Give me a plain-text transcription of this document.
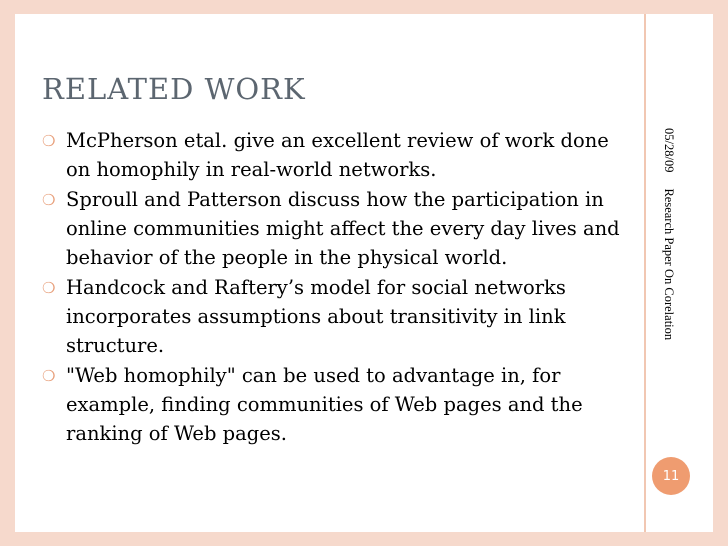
RELATED WORK
❍ McPherson etal. give an excellent review of work done on homophily in real-world networks.
❍ Sproull and Patterson discuss how the participation in online communities might affect the every day lives and behavior of the people in the physical world.
❍ Handcock and Raftery’s model for social networks incorporates assumptions about transitivity in link structure.
❍ "Web homophily" can be used to advantage in, for example, finding communities of Web pages and the ranking of Web pages.
05/28/09
Research Paper On Corelation
11
